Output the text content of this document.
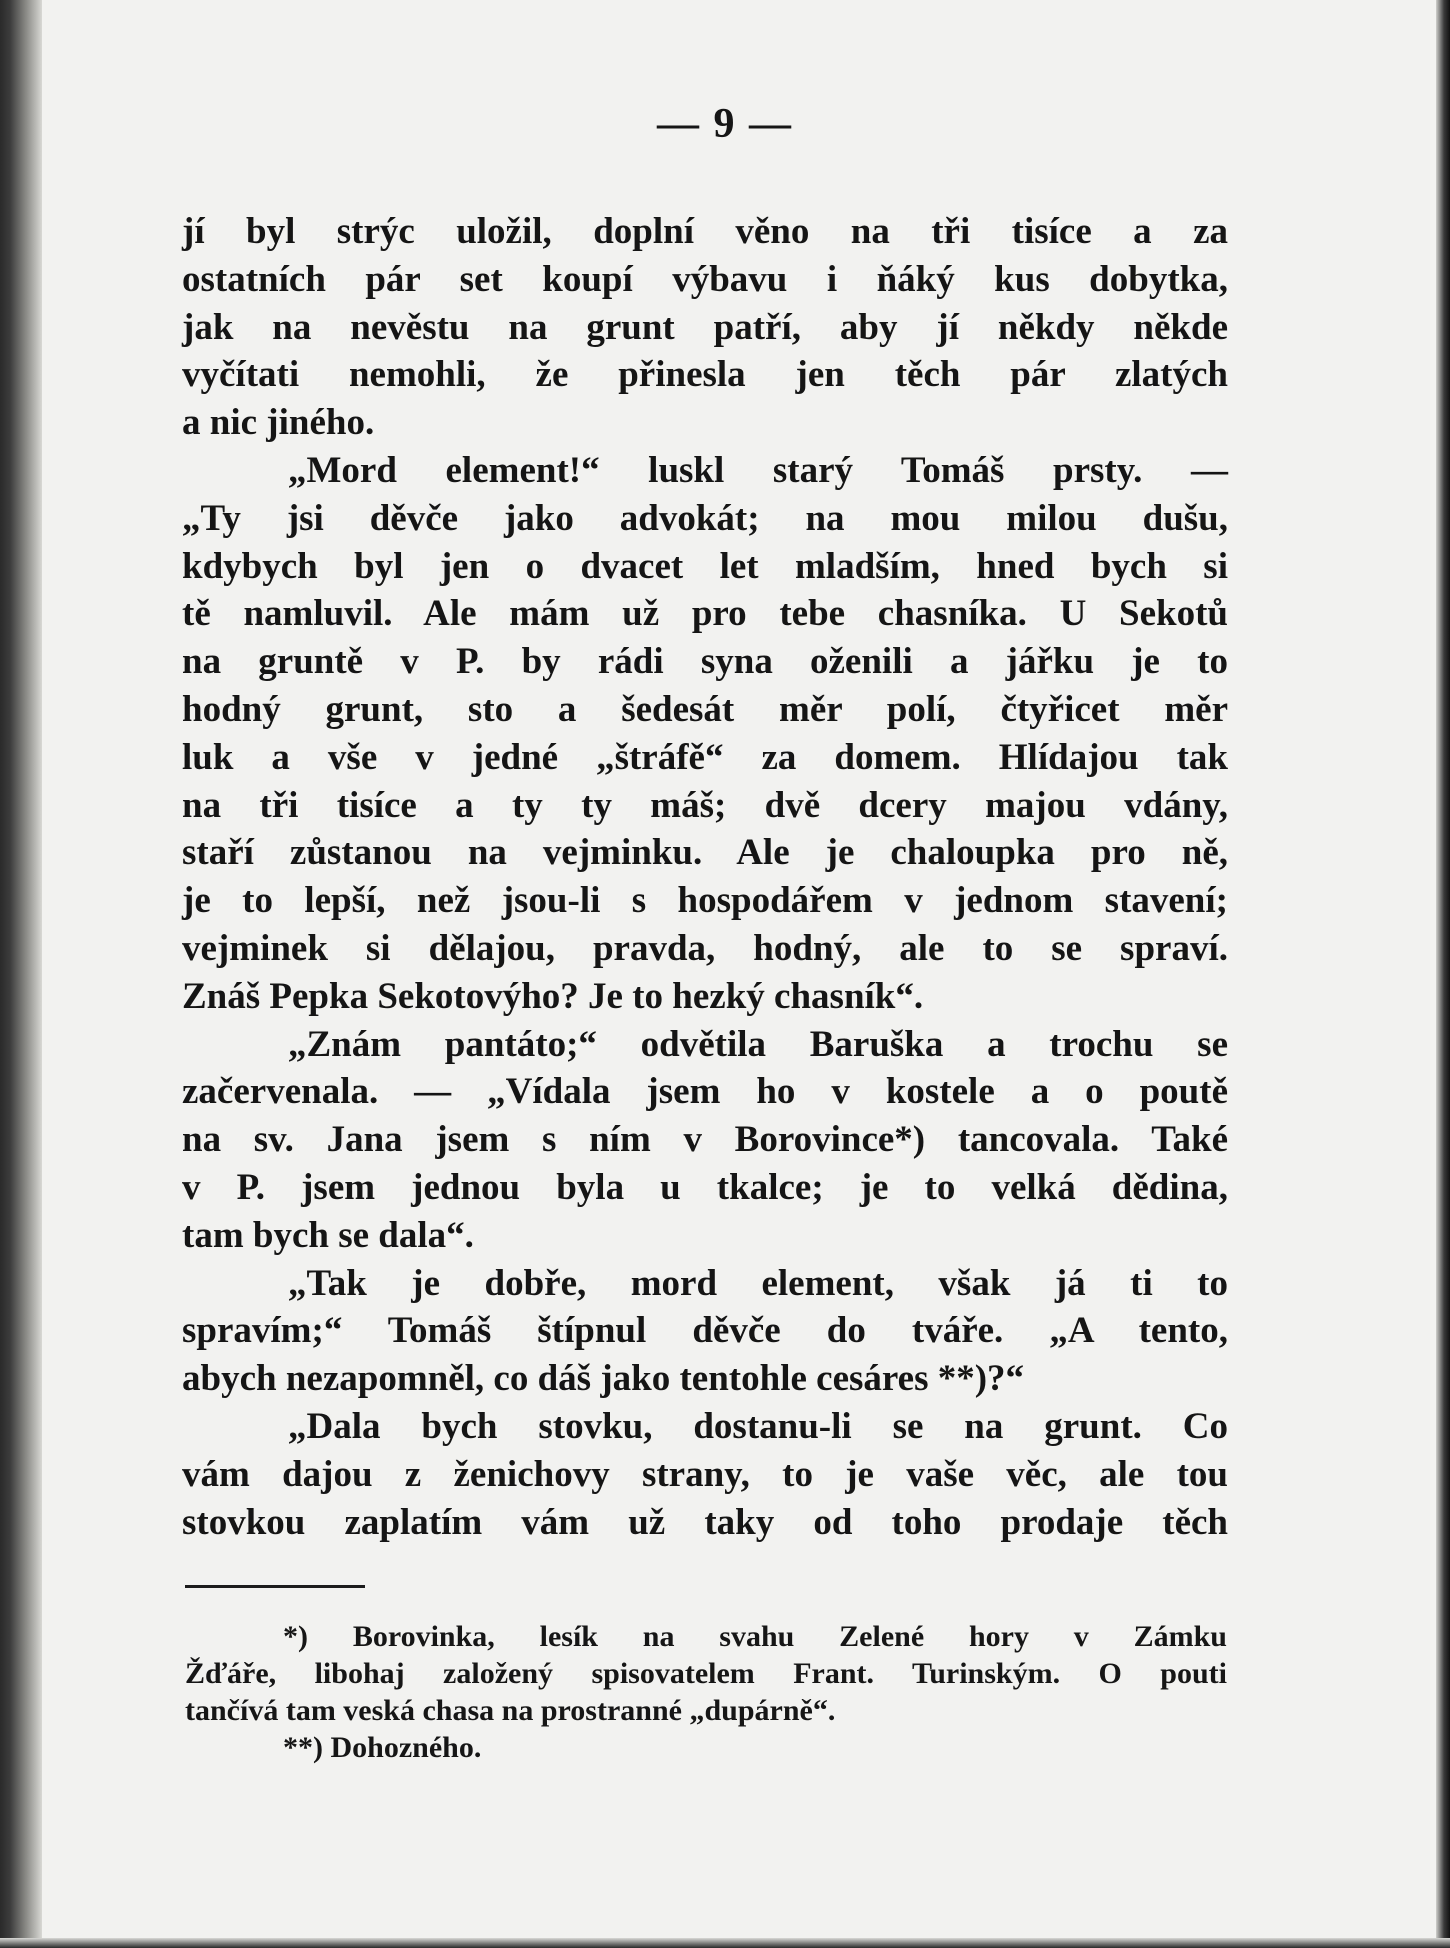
— 9 —
jí byl strýc uložil, doplní věno na tři tisíce a za
ostatních pár set koupí výbavu i ňáký kus dobytka,
jak na nevěstu na grunt patří, aby jí někdy někde
vyčítati nemohli, že přinesla jen těch pár zlatých
a nic jiného.
„Mord element!“ luskl starý Tomáš prsty. —
„Ty jsi děvče jako advokát; na mou milou dušu,
kdybych byl jen o dvacet let mladším, hned bych si
tě namluvil. Ale mám už pro tebe chasníka. U Sekotů
na gruntě v P. by rádi syna oženili a jářku je to
hodný grunt, sto a šedesát měr polí, čtyřicet měr
luk a vše v jedné „štráfě“ za domem. Hlídajou tak
na tři tisíce a ty ty máš; dvě dcery majou vdány,
staří zůstanou na vejminku. Ale je chaloupka pro ně,
je to lepší, než jsou-li s hospodářem v jednom stavení;
vejminek si dělajou, pravda, hodný, ale to se spraví.
Znáš Pepka Sekotovýho? Je to hezký chasník“.
„Znám pantáto;“ odvětila Baruška a trochu se
začervenala. — „Vídala jsem ho v kostele a o poutě
na sv. Jana jsem s ním v Borovince*) tancovala. Také
v P. jsem jednou byla u tkalce; je to velká dědina,
tam bych se dala“.
„Tak je dobře, mord element, však já ti to
spravím;“ Tomáš štípnul děvče do tváře. „A tento,
abych nezapomněl, co dáš jako tentohle cesáres **)?“
„Dala bych stovku, dostanu-li se na grunt. Co
vám dajou z ženichovy strany, to je vaše věc, ale tou
stovkou zaplatím vám už taky od toho prodaje těch
*) Borovinka, lesík na svahu Zelené hory v Zámku
Žďáře, libohaj založený spisovatelem Frant. Turinským. O pouti
tančívá tam veská chasa na prostranné „dupárně“.
**) Dohozného.
